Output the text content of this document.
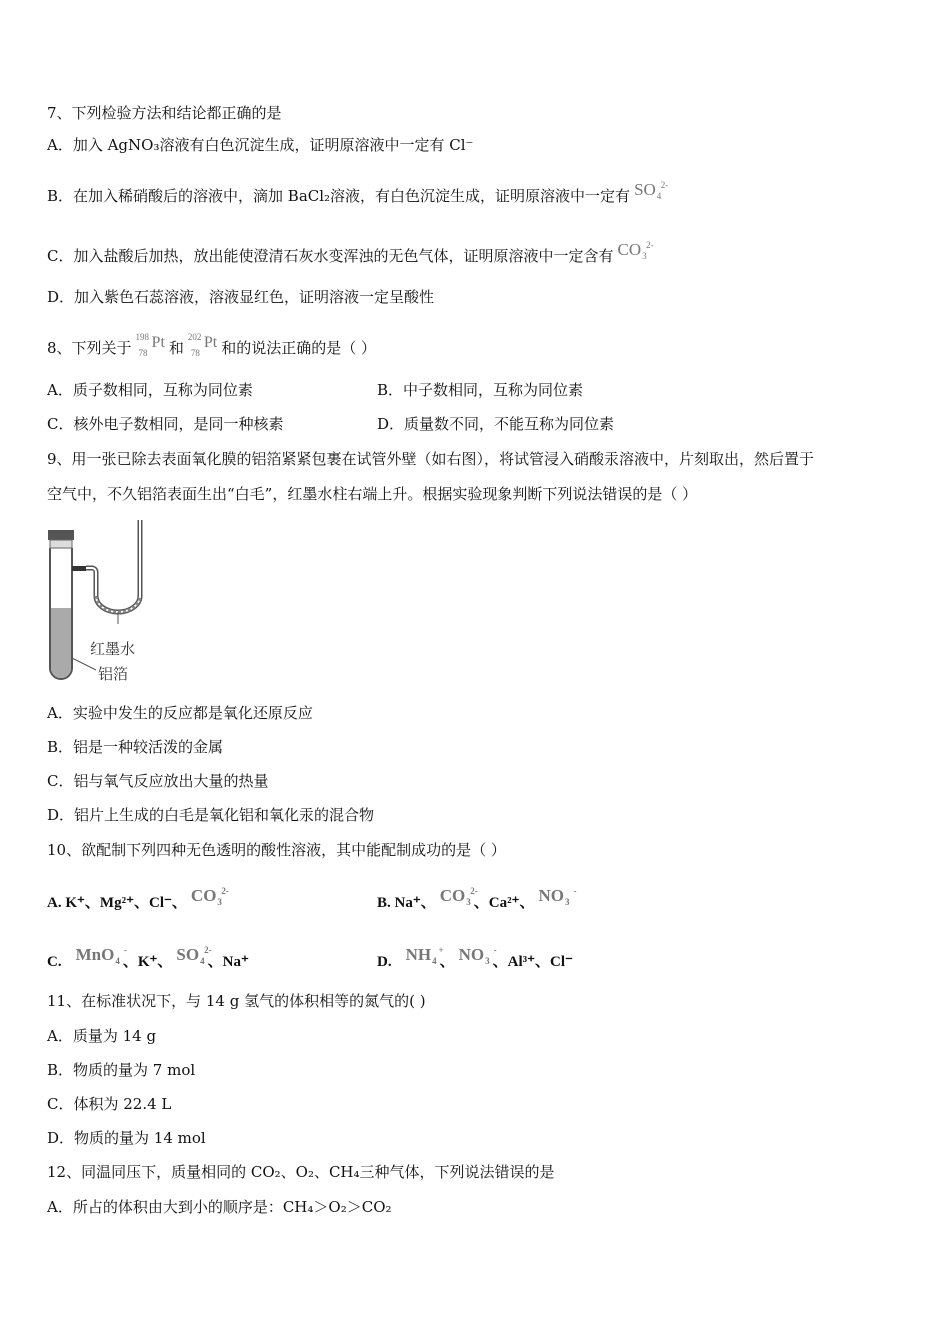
7、下列检验方法和结论都正确的是
A．加入 AgNO₃溶液有白色沉淀生成，证明原溶液中一定有 Cl⁻
B．在加入稀硝酸后的溶液中，滴加 BaCl₂溶液，有白色沉淀生成，证明原溶液中一定有 $SO_4$
2-
C．加入盐酸后加热，放出能使澄清石灰水变浑浊的无色气体，证明原溶液中一定含有 $CO_3$
2-
D．加入紫色石蕊溶液，溶液显红色，证明溶液一定呈酸性
8、下列关于
198
78
Pt 和
202
78
Pt 和的说法正确的是（ ）
A．质子数相同，互称为同位素	B．中子数相同，互称为同位素
C．核外电子数相同，是同一种核素	D．质量数不同，不能互称为同位素
9、用一张已除去表面氧化膜的铝箔紧紧包裹在试管外壁（如右图），将试管浸入硝酸汞溶液中，片刻取出，然后置于
空气中，不久铝箔表面生出“白毛”，红墨水柱右端上升。根据实验现象判断下列说法错误的是（ ）
红墨水
铝箔
A．实验中发生的反应都是氧化还原反应
B．铝是一种较活泼的金属
C．铝与氧气反应放出大量的热量
D．铝片上生成的白毛是氧化铝和氧化汞的混合物
10、欲配制下列四种无色透明的酸性溶液，其中能配制成功的是（ ）
A. K⁺、Mg²⁺、Cl⁻、 $CO_3$
2-
B. Na⁺、 $CO_3$
2-
、Ca²⁺、 $NO_3$
-
C. MnO$_4$
-
、K⁺、 $SO_4$
2-
、Na⁺	D. $NH_4$
+
、 $NO_3$
-
、Al³⁺、Cl⁻
11、在标准状况下，与 14 g 氢气的体积相等的氮气的( )
A．质量为 14 g
B．物质的量为 7 mol
C．体积为 22.4 L
D．物质的量为 14 mol
12、同温同压下，质量相同的 CO₂、O₂、CH₄三种气体，下列说法错误的是
A．所占的体积由大到小的顺序是：CH₄＞O₂＞CO₂
